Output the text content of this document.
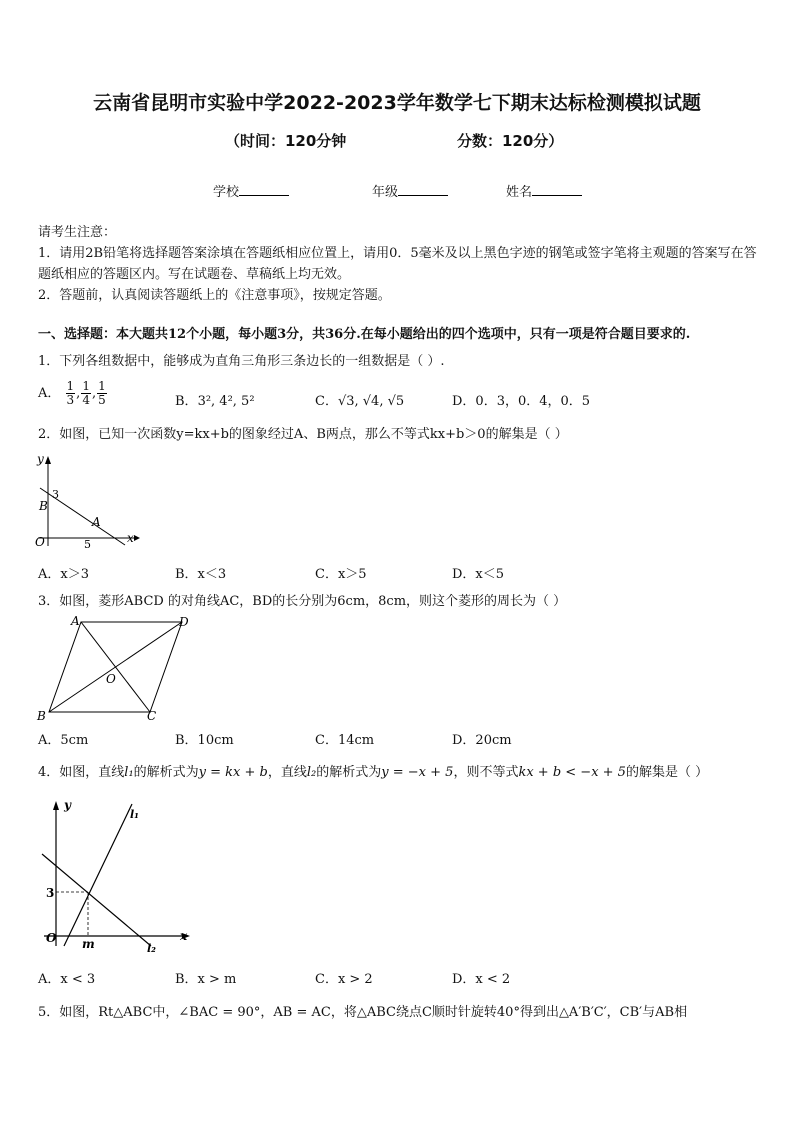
云南省昆明市实验中学2022-2023学年数学七下期末达标检测模拟试题
（时间：120分钟	分数：120分）
学校	年级	姓名
请考生注意：
1．请用2B铅笔将选择题答案涂填在答题纸相应位置上，请用0．5毫米及以上黑色字迹的钢笔或签字笔将主观题的答案写在答题纸相应的答题区内。写在试题卷、草稿纸上均无效。
2．答题前，认真阅读答题纸上的《注意事项》，按规定答题。
一、选择题：本大题共12个小题，每小题3分，共36分.在每小题给出的四个选项中，只有一项是符合题目要求的.
1．下列各组数据中，能够成为直角三角形三条边长的一组数据是（ ）.
A． $\frac{1}{3}$ , $\frac{1}{4}$ , $\frac{1}{5}$	B．3², 4², 5²	C．√3, √4, √5	D．0．3，0．4，0．5
2．如图，已知一次函数y=kx+b的图象经过A、B两点，那么不等式kx+b＞0的解集是（ ）
y
x
O
B
3
A
5
A．x＞3	B．x＜3	C．x＞5	D．x＜5
3．如图，菱形ABCD 的对角线AC，BD的长分别为6cm，8cm，则这个菱形的周长为（ ）
A	D
B	C
O
A．5cm	B．10cm	C．14cm	D．20cm
4．如图，直线l₁的解析式为y = kx + b，直线l₂的解析式为y = −x + 5，则不等式kx + b < −x + 5的解集是（ ）
y
x
O
3
m
l₁
l₂
A．x < 3	B．x > m	C．x > 2	D．x < 2
5．如图，Rt△ABC中，∠BAC = 90°，AB = AC，将△ABC绕点C顺时针旋转40°得到出△A′B′C′，CB′与AB相
